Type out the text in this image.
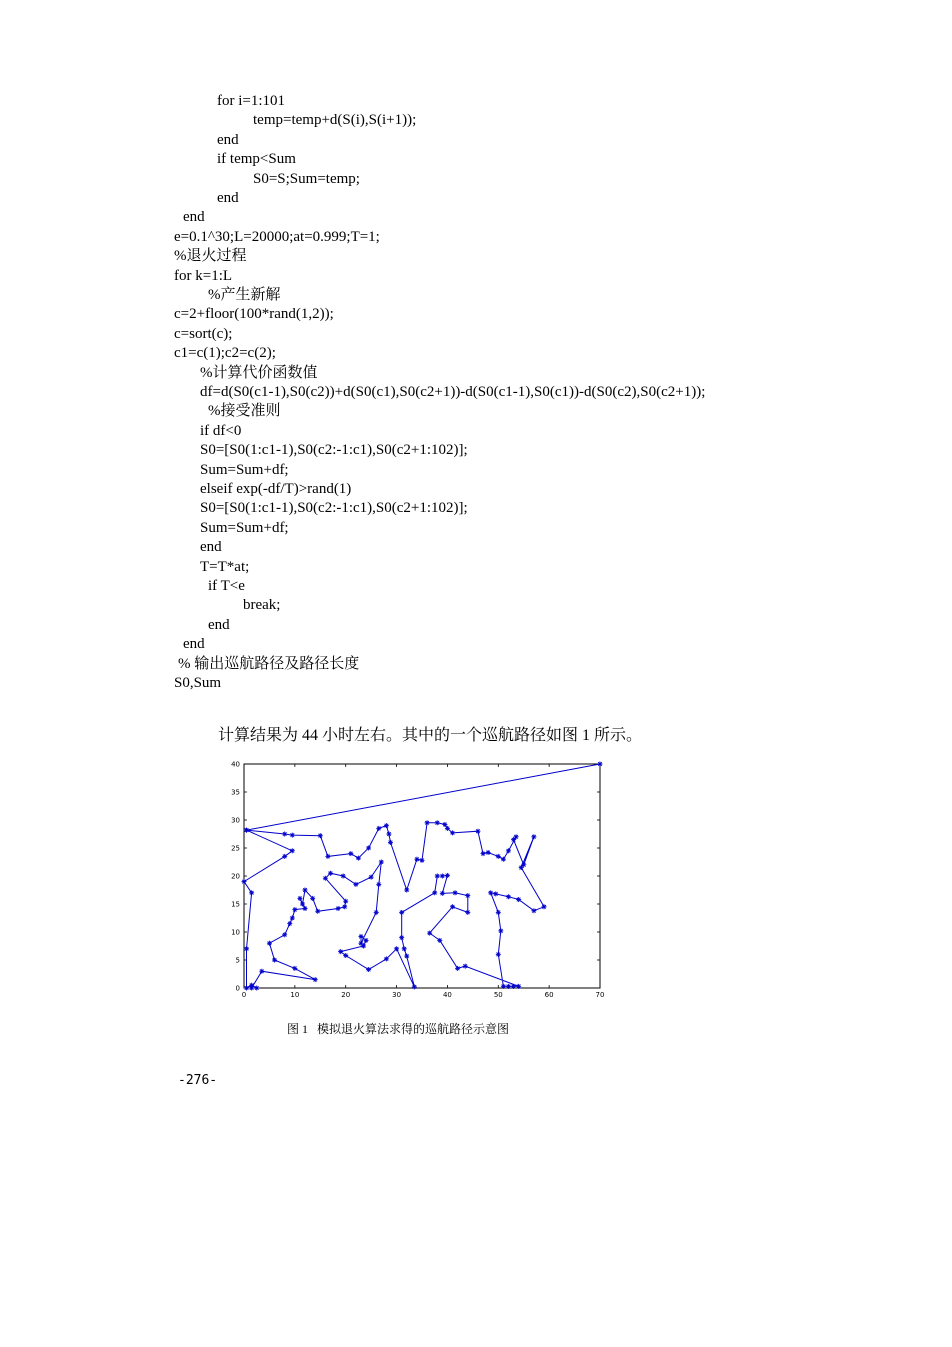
for i=1:101
temp=temp+d(S(i),S(i+1));
end
if temp<Sum
S0=S;Sum=temp;
end
end
e=0.1^30;L=20000;at=0.999;T=1;
%退火过程
for k=1:L
%产生新解
c=2+floor(100*rand(1,2));
c=sort(c);
c1=c(1);c2=c(2);
%计算代价函数值
df=d(S0(c1-1),S0(c2))+d(S0(c1),S0(c2+1))-d(S0(c1-1),S0(c1))-d(S0(c2),S0(c2+1));
%接受准则
if df<0
S0=[S0(1:c1-1),S0(c2:-1:c1),S0(c2+1:102)];
Sum=Sum+df;
elseif exp(-df/T)>rand(1)
S0=[S0(1:c1-1),S0(c2:-1:c1),S0(c2+1:102)];
Sum=Sum+df;
end
T=T*at;
if T<e
break;
end
end
% 输出巡航路径及路径长度
S0,Sum
计算结果为 44 小时左右。其中的一个巡航路径如图 1 所示。
0	10	20	30	40	50	60	70
0
5
10
15
20
25
30
35
40
图 1   模拟退火算法求得的巡航路径示意图
-276-
